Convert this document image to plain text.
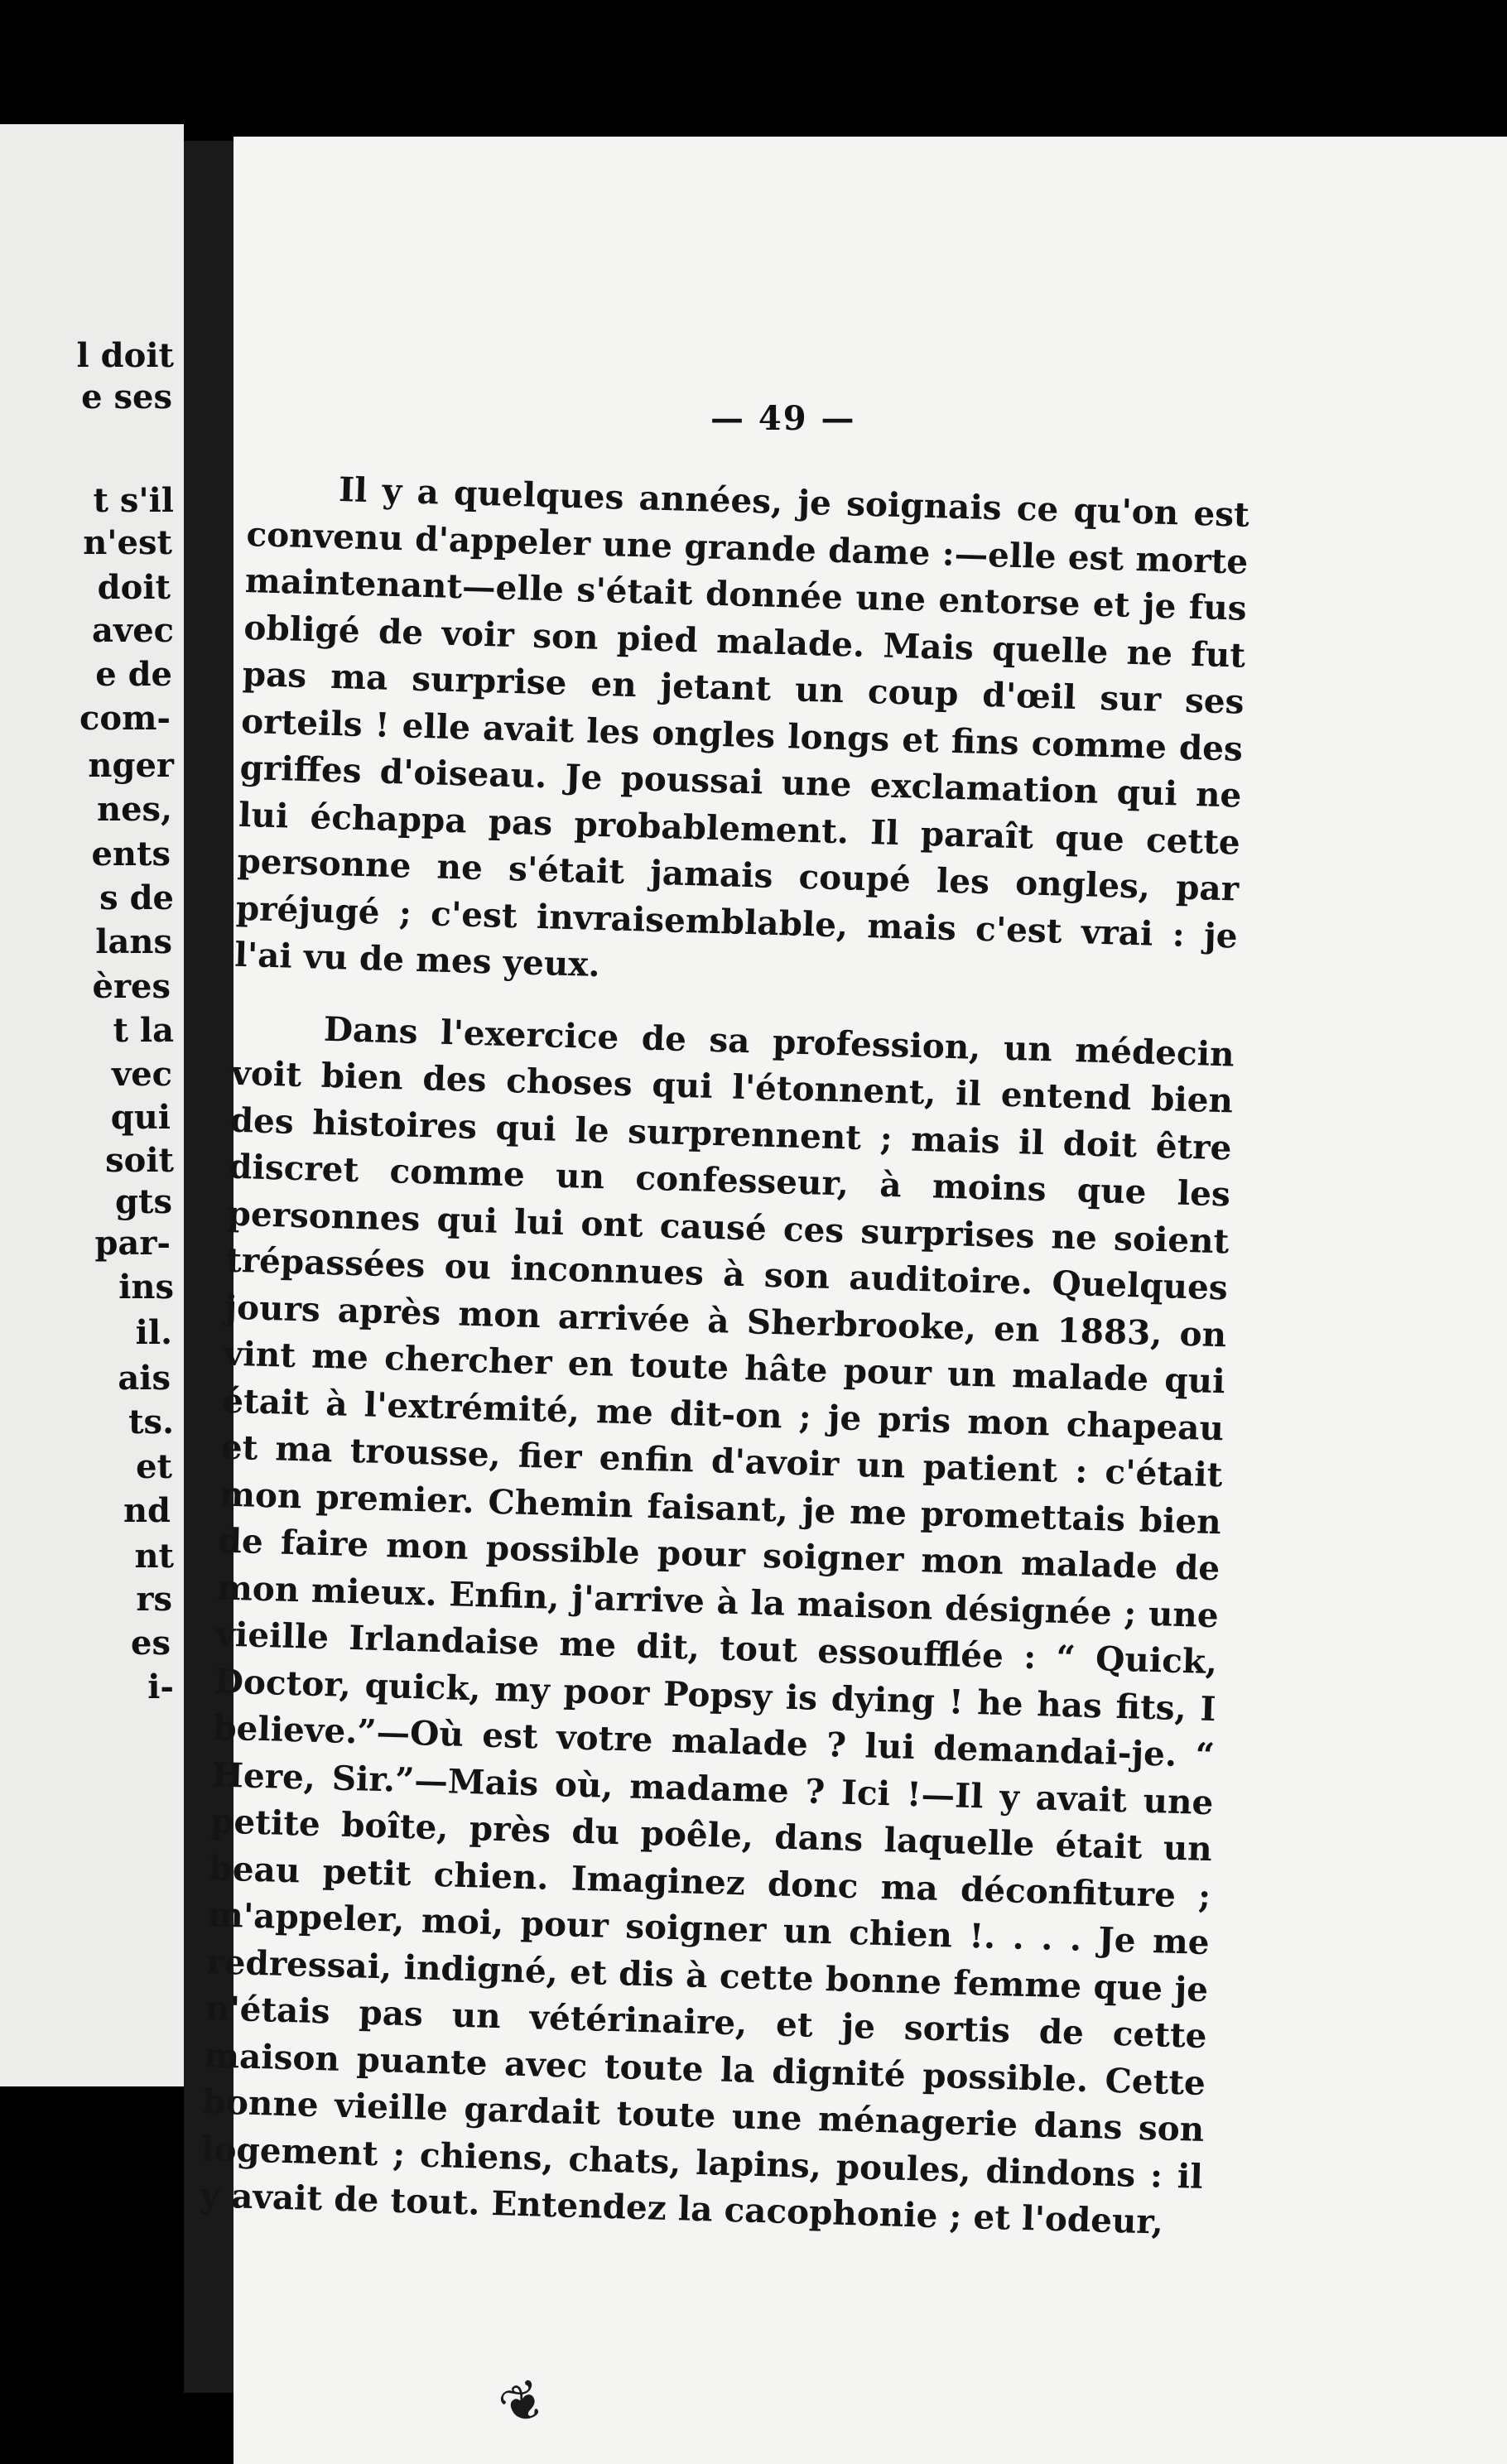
l doit
e ses
t s'il
n'est
doit
avec
e de
com-
nger
nes,
ents
s de
lans
ères
t la
vec
qui
soit
gts
par-
ins
il.
ais
ts.
et
nd
nt
rs
es
i-
— 49 —

Il y a quelques années, je soignais ce qu'on est convenu d'appeler une grande dame :—elle est morte maintenant—elle s'était donnée une entorse et je fus obligé de voir son pied malade. Mais quelle ne fut pas ma surprise en jetant un coup d'œil sur ses orteils ! elle avait les ongles longs et fins comme des griffes d'oiseau. Je poussai une exclamation qui ne lui échappa pas probablement. Il paraît que cette personne ne s'était jamais coupé les ongles, par préjugé ; c'est invraisemblable, mais c'est vrai : je l'ai vu de mes yeux.

Dans l'exercice de sa profession, un médecin voit bien des choses qui l'étonnent, il entend bien des histoires qui le surprennent ; mais il doit être discret comme un confesseur, à moins que les personnes qui lui ont causé ces surprises ne soient trépassées ou inconnues à son auditoire. Quelques jours après mon arrivée à Sherbrooke, en 1883, on vint me chercher en toute hâte pour un malade qui était à l'extrémité, me dit-on ; je pris mon chapeau et ma trousse, fier enfin d'avoir un patient : c'était mon premier. Chemin faisant, je me promettais bien de faire mon possible pour soigner mon malade de mon mieux. Enfin, j'arrive à la maison désignée ; une vieille Irlandaise me dit, tout essoufflée : “ Quick, Doctor, quick, my poor Popsy is dying ! he has fits, I believe.”—Où est votre malade ? lui demandai-je. “ Here, Sir.”—Mais où, madame ? Ici !—Il y avait une petite boîte, près du poêle, dans laquelle était un beau petit chien. Imaginez donc ma déconfiture ; m'appeler, moi, pour soigner un chien !. . . . Je me redressai, indigné, et dis à cette bonne femme que je n'étais pas un vétérinaire, et je sortis de cette maison puante avec toute la dignité possible. Cette bonne vieille gardait toute une ménagerie dans son logement ; chiens, chats, lapins, poules, dindons : il y avait de tout. Entendez la cacophonie ; et l'odeur,

❦
